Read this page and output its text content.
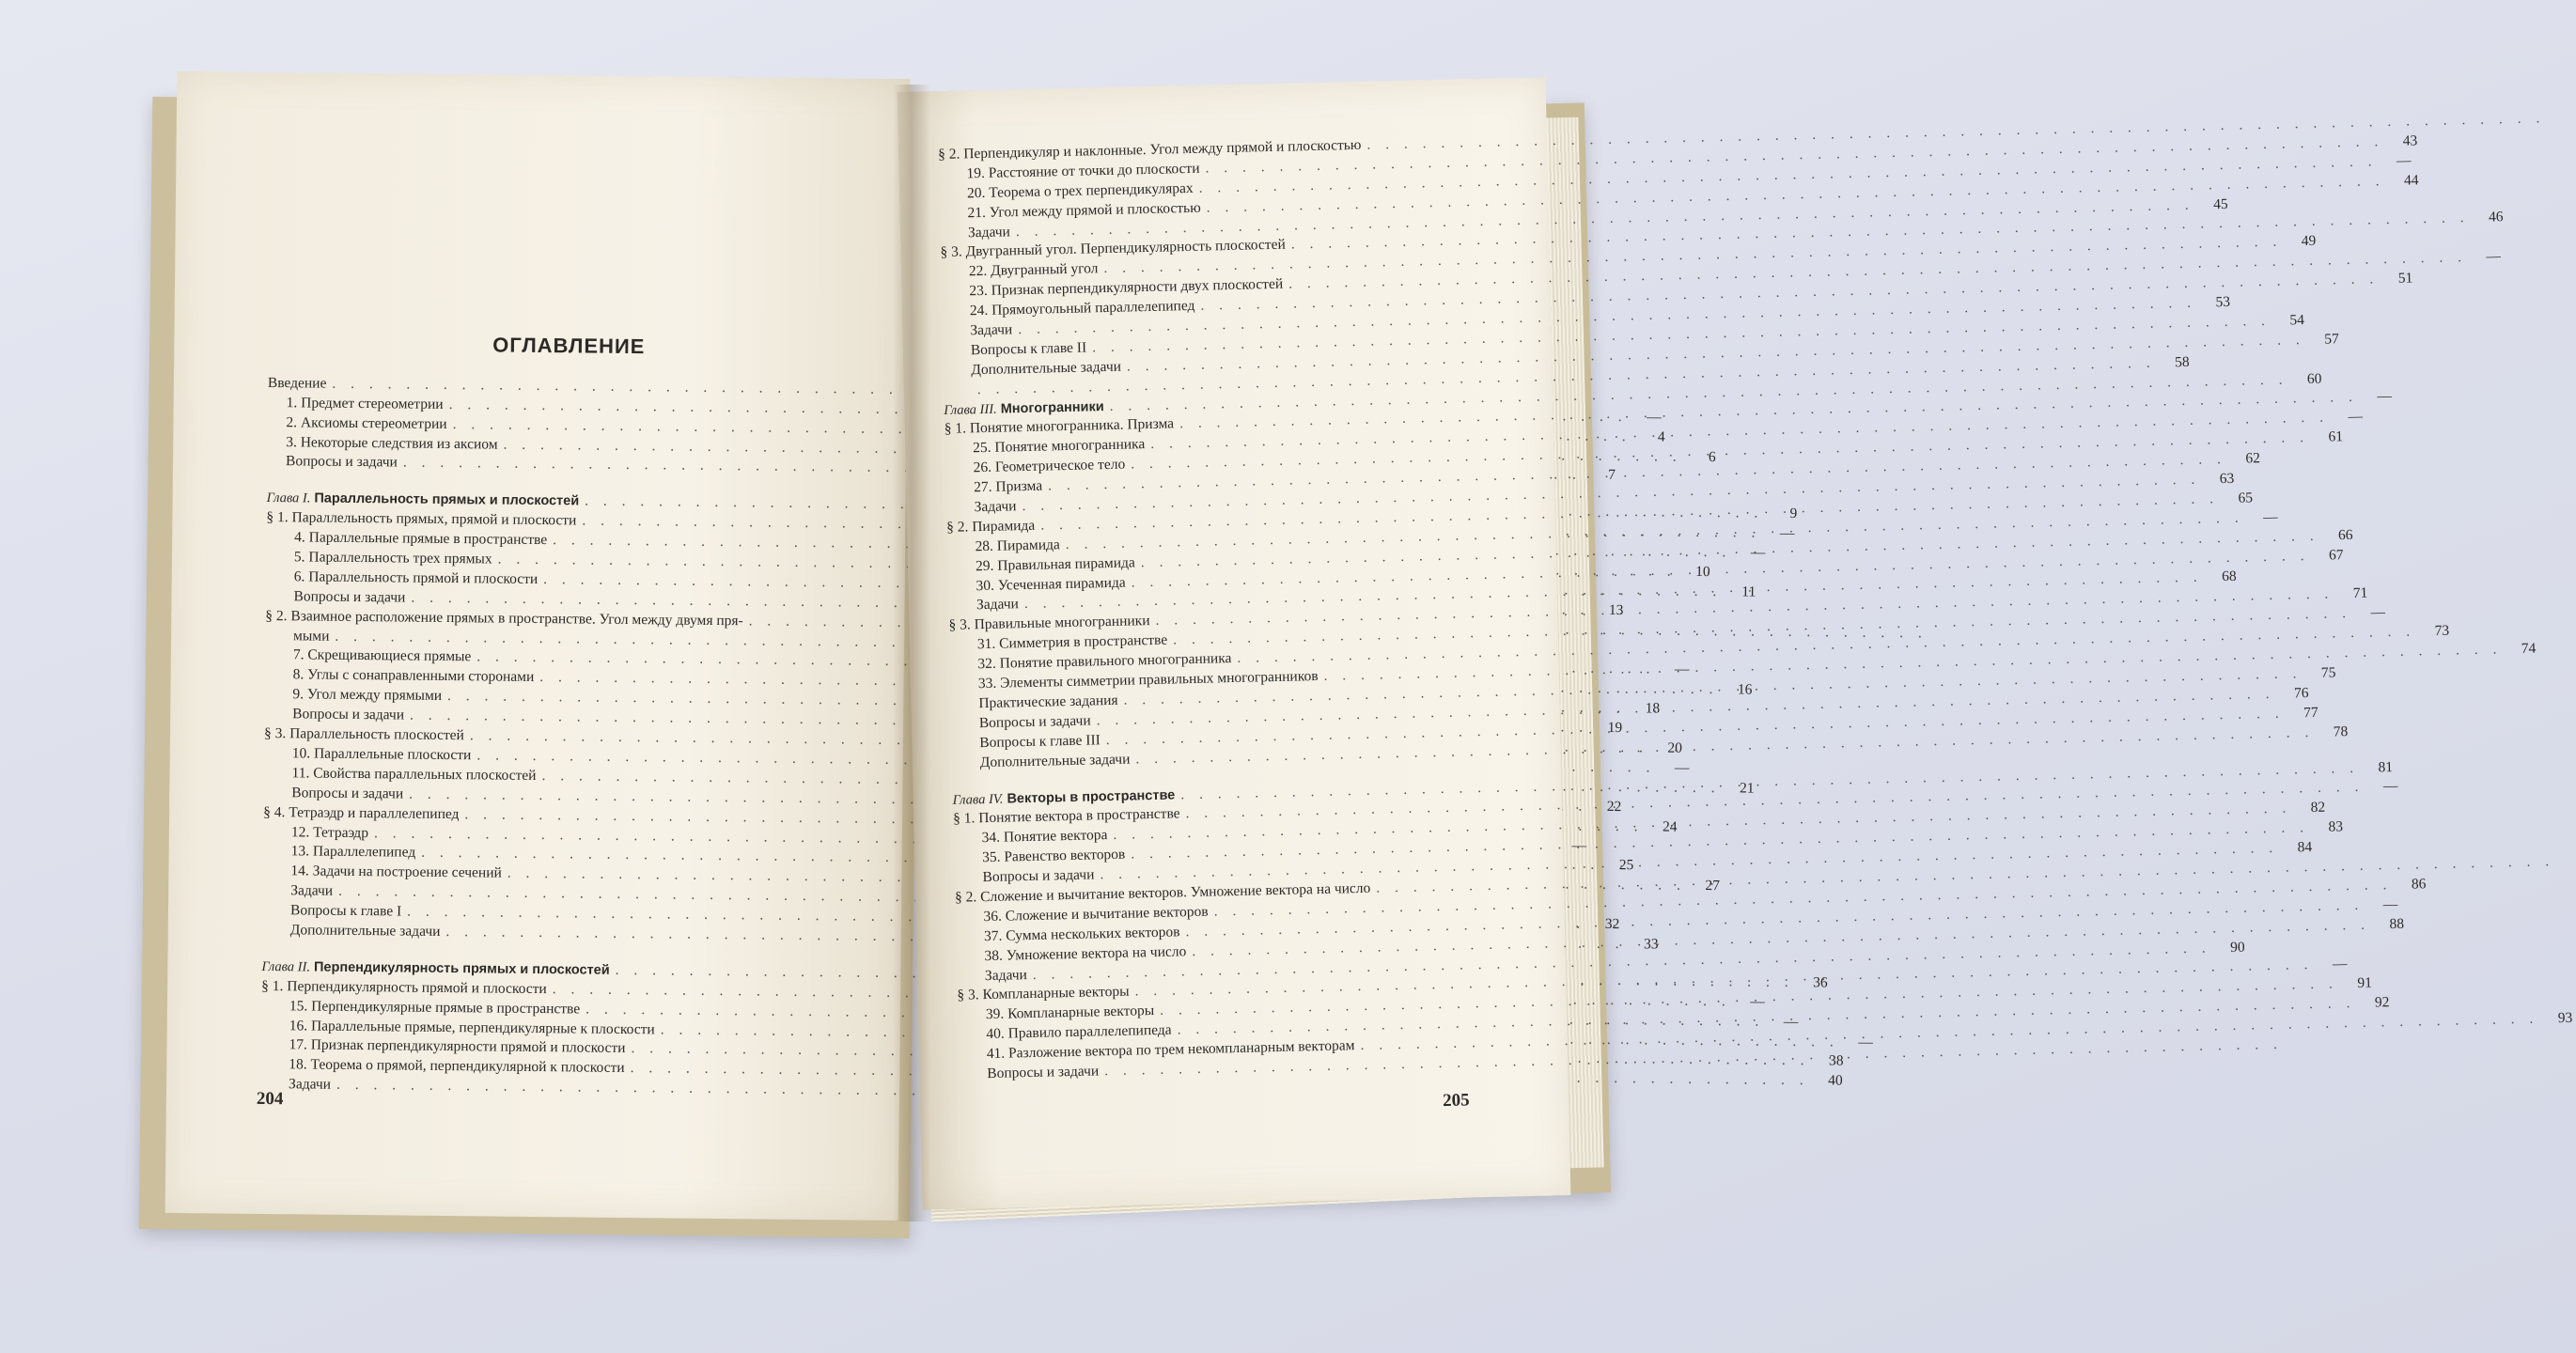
ОГЛАВЛЕНИЕ
Введение
. . .
1. Предмет стереометрии
. . .
—
2. Аксиомы стереометрии
. . .
4
3. Некоторые следствия из аксиом
. . .
6
Вопросы и задачи
. . .
7
Глава I. Параллельность прямых и плоскостей
. . .
9
§ 1. Параллельность прямых, прямой и плоскости
. . .
—
4. Параллельные прямые в пространстве
. . .
—
5. Параллельность трех прямых
. . .
10
6. Параллельность прямой и плоскости
. . .
11
Вопросы и задачи
. . .
13
§ 2. Взаимное расположение прямых в пространстве. Угол между двумя пря-
. . .
мыми
. . .
7. Скрещивающиеся прямые
. . .
—
8. Углы с сонаправленными сторонами
. . .
16
9. Угол между прямыми
. . .
18
Вопросы и задачи
. . .
19
§ 3. Параллельность плоскостей
. . .
20
10. Параллельные плоскости
. . .
—
11. Свойства параллельных плоскостей
. . .
21
Вопросы и задачи
. . .
22
§ 4. Тетраэдр и параллелепипед
. . .
24
12. Тетраэдр
. . .
—
13. Параллелепипед
. . .
25
14. Задачи на построение сечений
. . .
27
Задачи
. . .
Вопросы к главе I
. . .
32
Дополнительные задачи
. . .
33
Глава II. Перпендикулярность прямых и плоскостей
. . .
36
§ 1. Перпендикулярность прямой и плоскости
. . .
—
15. Перпендикулярные прямые в пространстве
. . .
—
16. Параллельные прямые, перпендикулярные к плоскости
. . .
—
17. Признак перпендикулярности прямой и плоскости
. . .
38
18. Теорема о прямой, перпендикулярной к плоскости
. . .
40
Задачи
. . .
204
§ 2. Перпендикуляр и наклонные. Угол между прямой и плоскостью
. . .
19. Расстояние от точки до плоскости
. . .
43
20. Теорема о трех перпендикулярах
. . .
—
21. Угол между прямой и плоскостью
. . .
44
Задачи
. . .
45
§ 3. Двугранный угол. Перпендикулярность плоскостей
. . .
46
22. Двугранный угол
. . .
49
23. Признак перпендикулярности двух плоскостей
. . .
—
24. Прямоугольный параллелепипед
. . .
51
Задачи
. . .
53
Вопросы к главе II
. . .
54
Дополнительные задачи
. . .
57
. . .
58
Глава III. Многогранники
. . .
60
§ 1. Понятие многогранника. Призма
. . .
—
25. Понятие многогранника
. . .
—
26. Геометрическое тело
. . .
61
27. Призма
. . .
62
Задачи
. . .
63
§ 2. Пирамида
. . .
65
28. Пирамида
. . .
—
29. Правильная пирамида
. . .
66
30. Усеченная пирамида
. . .
67
Задачи
. . .
68
§ 3. Правильные многогранники
. . .
71
31. Симметрия в пространстве
. . .
—
32. Понятие правильного многогранника
. . .
73
33. Элементы симметрии правильных многогранников
. . .
74
Практические задания
. . .
75
Вопросы и задачи
. . .
76
Вопросы к главе III
. . .
77
Дополнительные задачи
. . .
78
Глава IV. Векторы в пространстве
. . .
81
§ 1. Понятие вектора в пространстве
. . .
—
34. Понятие вектора
. . .
82
35. Равенство векторов
. . .
83
Вопросы и задачи
. . .
84
§ 2. Сложение и вычитание векторов. Умножение вектора на число
. . .
36. Сложение и вычитание векторов
. . .
86
37. Сумма нескольких векторов
. . .
—
38. Умножение вектора на число
. . .
88
Задачи
. . .
90
§ 3. Компланарные векторы
. . .
—
39. Компланарные векторы
. . .
91
40. Правило параллелепипеда
. . .
92
41. Разложение вектора по трем некомпланарным векторам
. . .
93
Вопросы и задачи
. . .
205
